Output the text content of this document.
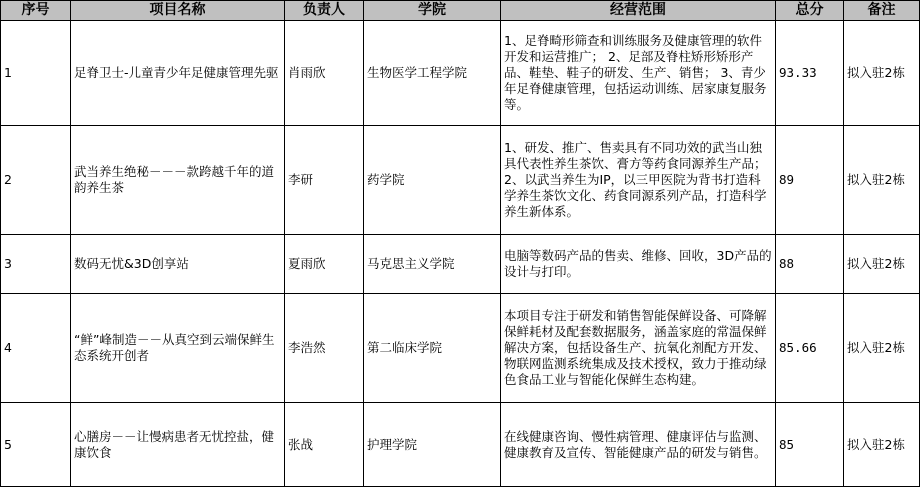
序号	项目名称	负责人	学院	经营范围	总分	备注
1	足脊卫士-儿童青少年足健康管理先驱	肖雨欣	生物医学工程学院	1、足脊畸形筛查和训练服务及健康管理的软件开发和运营推广； 2、足部及脊柱矫形矫形产品、鞋垫、鞋子的研发、生产、销售； 3、青少年足脊健康管理，包括运动训练、居家康复服务等。	93.33	拟入驻2栋
2	武当养生绝秘－－－款跨越千年的道韵养生茶	李研	药学院	1、研发、推广、售卖具有不同功效的武当山独具代表性养生茶饮、膏方等药食同源养生产品；2、以武当养生为IP，以三甲医院为背书打造科学养生茶饮文化、药食同源系列产品，打造科学养生新体系。	89	拟入驻2栋
3	数码无忧&3D创享站	夏雨欣	马克思主义学院	电脑等数码产品的售卖、维修、回收，3D产品的设计与打印。	88	拟入驻2栋
4	“鲜”峰制造－－从真空到云端保鲜生态系统开创者	李浩然	第二临床学院	本项目专注于研发和销售智能保鲜设备、可降解保鲜耗材及配套数据服务，涵盖家庭的常温保鲜解决方案，包括设备生产、抗氧化剂配方开发、物联网监测系统集成及技术授权，致力于推动绿色食品工业与智能化保鲜生态构建。	85.66	拟入驻2栋
5	心膳房－－让慢病患者无忧控盐，健康饮食	张战	护理学院	在线健康咨询、慢性病管理、健康评估与监测、健康教育及宣传、智能健康产品的研发与销售。	85	拟入驻2栋
